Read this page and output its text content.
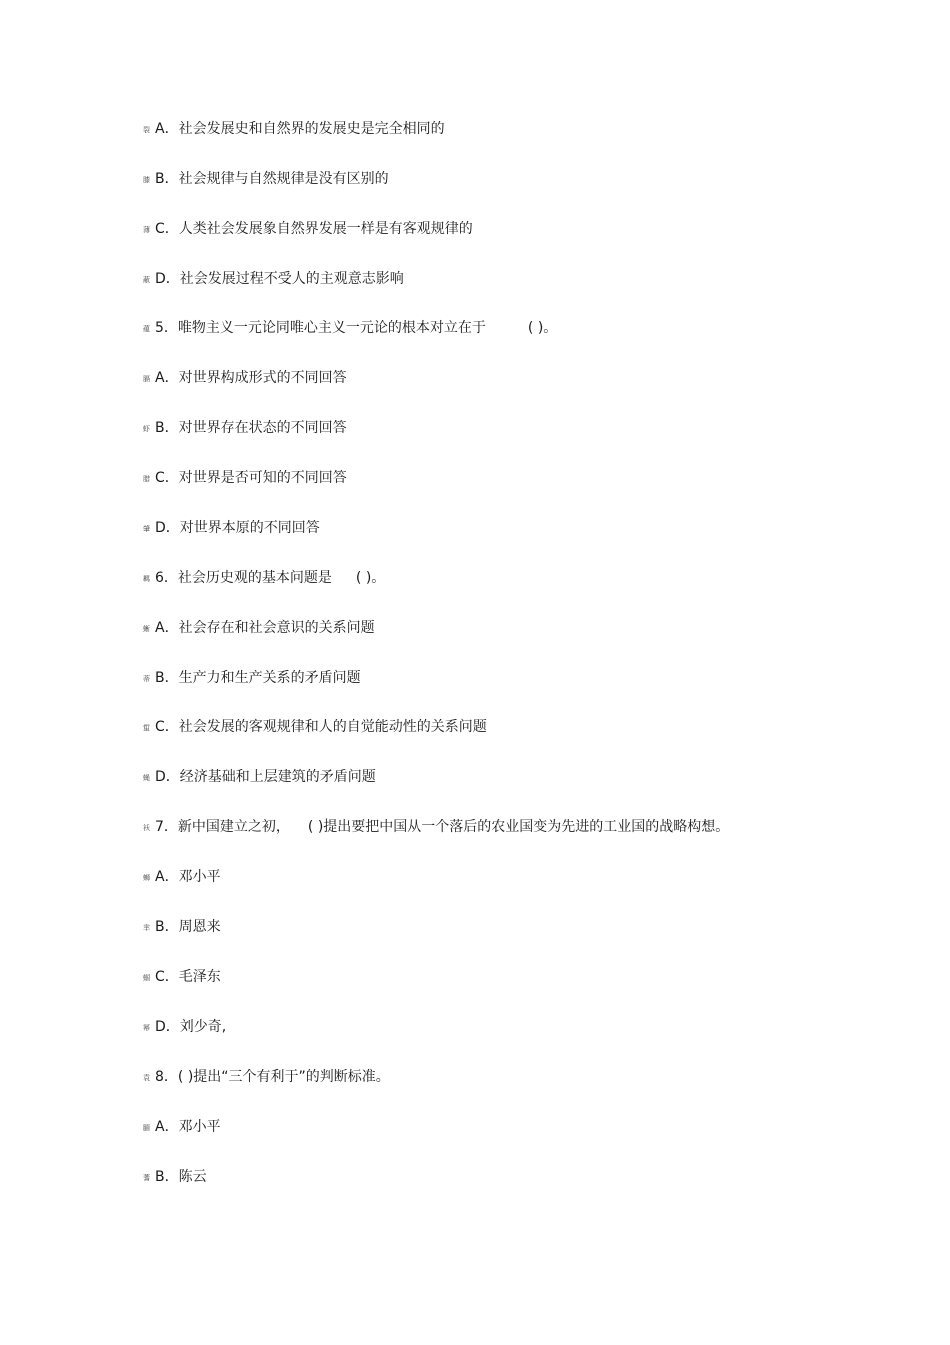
裂 A．社会发展史和自然界的发展史是完全相同的
膝 B．社会规律与自然规律是没有区别的
薄 C．人类社会发展象自然界发展一样是有客观规律的
蔽 D．社会发展过程不受人的主观意志影响
蕴 5．唯物主义一元论同唯心主义一元论的根本对立在于	( )。
膈 A．对世界构成形式的不同回答
虾 B．对世界存在状态的不同回答
腊 C．对世界是否可知的不同回答
肇 D．对世界本原的不同回答
羁 6．社会历史观的基本问题是 ( )。
蜥 A．社会存在和社会意识的关系问题
蒂 B．生产力和生产关系的矛盾问题
蜇 C．社会发展的客观规律和人的自觉能动性的关系问题
蝇 D．经济基础和上层建筑的矛盾问题
袄 7．新中国建立之初， ( )提出要把中国从一个落后的农业国变为先进的工业国的战略构想。
蛳 A．邓小平
芈 B．周恩来
蝈 C．毛泽东
幂 D．刘少奇,
袁 8．( )提出“三个有利于”的判断标准。
腼 A．邓小平
蓍 B．陈云
